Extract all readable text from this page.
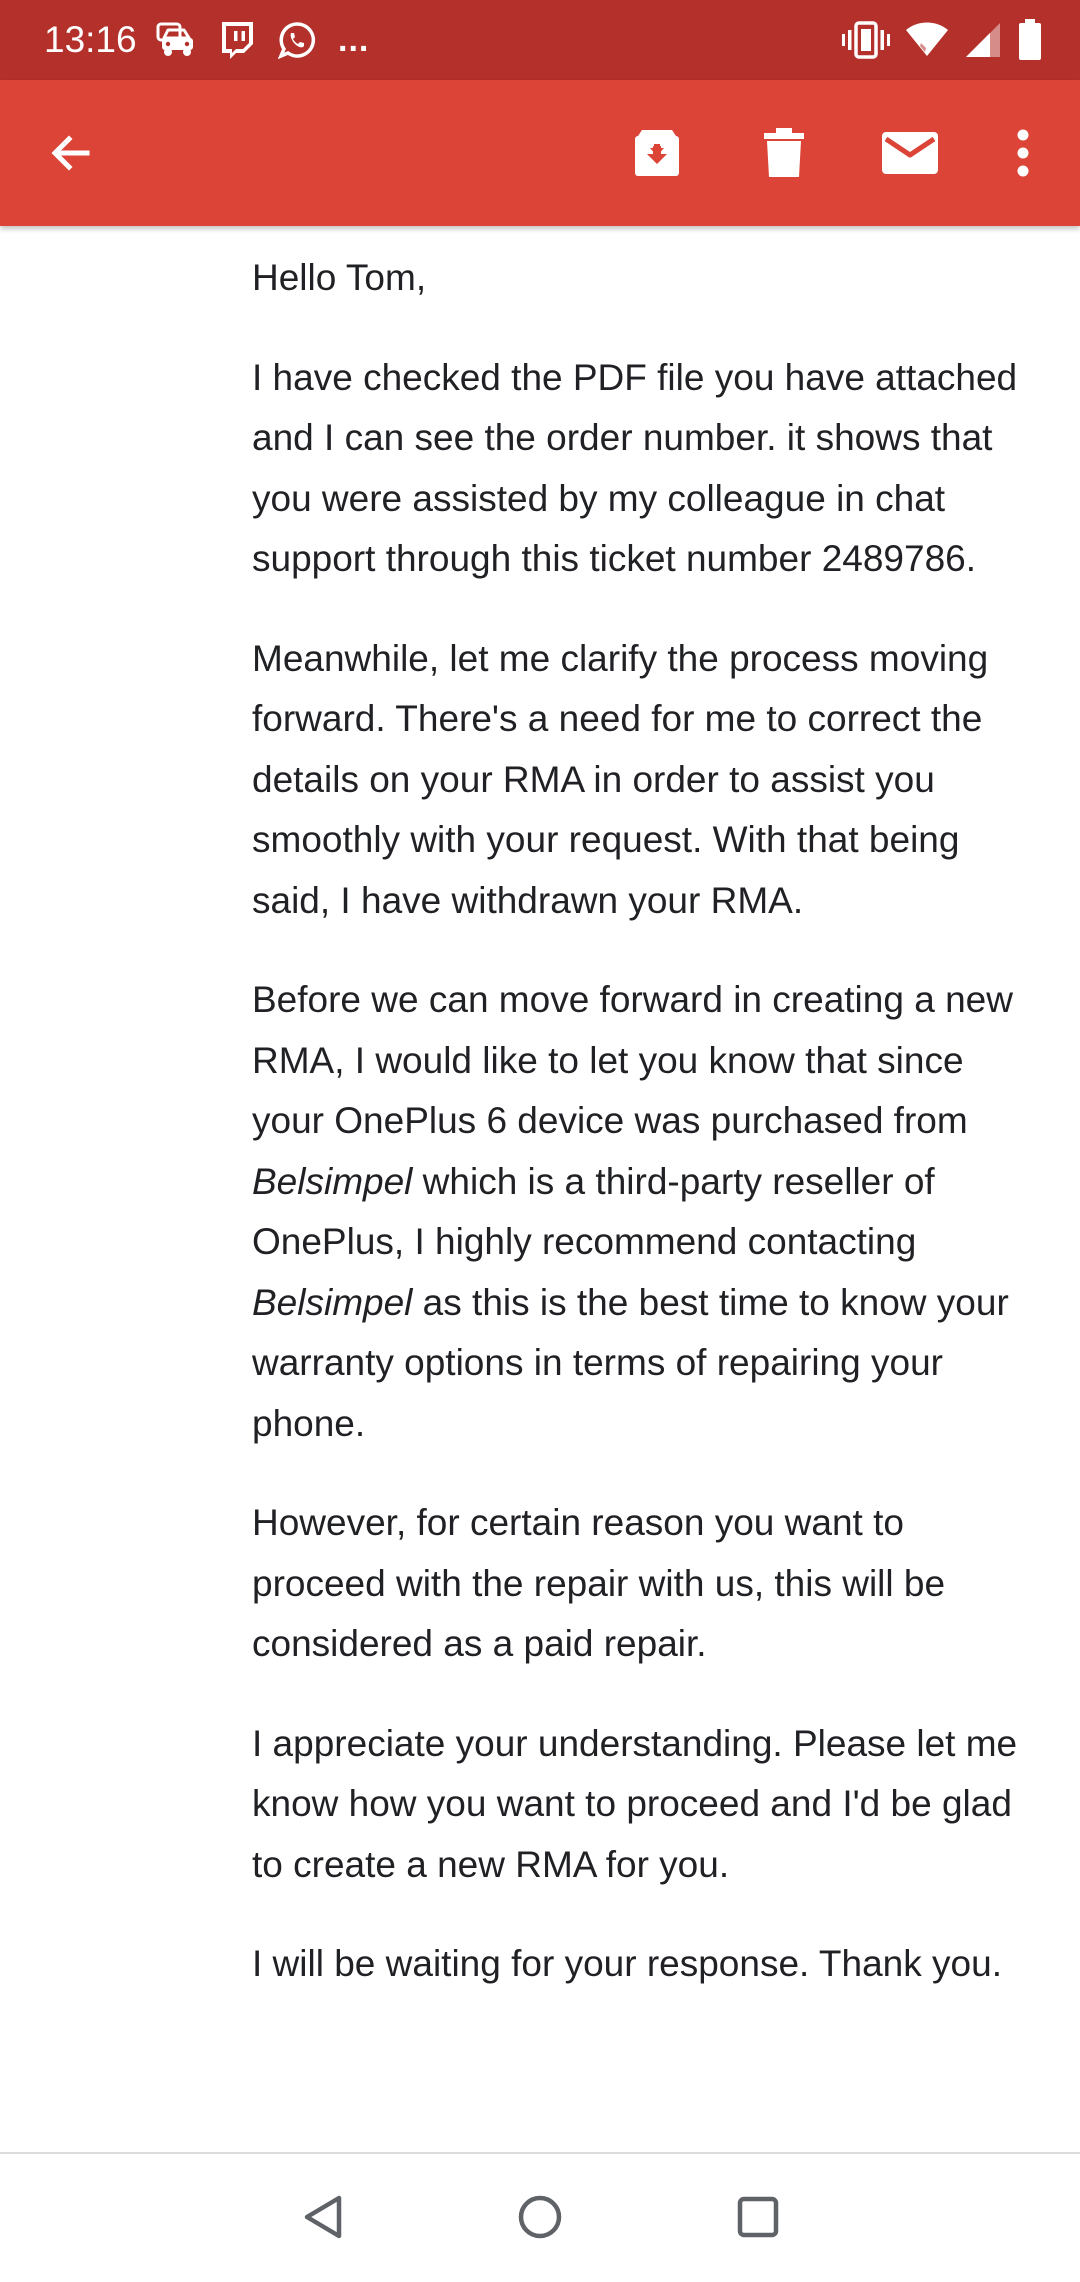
13:16	...

Hello Tom,

I have checked the PDF file you have attached and I can see the order number. it shows that you were assisted by my colleague in chat support through this ticket number 2489786.

Meanwhile, let me clarify the process moving forward. There's a need for me to correct the details on your RMA in order to assist you smoothly with your request. With that being said, I have withdrawn your RMA.

Before we can move forward in creating a new RMA, I would like to let you know that since your OnePlus 6 device was purchased from Belsimpel which is a third-party reseller of OnePlus, I highly recommend contacting Belsimpel as this is the best time to know your warranty options in terms of repairing your phone.

However, for certain reason you want to proceed with the repair with us, this will be considered as a paid repair.

I appreciate your understanding. Please let me know how you want to proceed and I'd be glad to create a new RMA for you.

I will be waiting for your response. Thank you.
